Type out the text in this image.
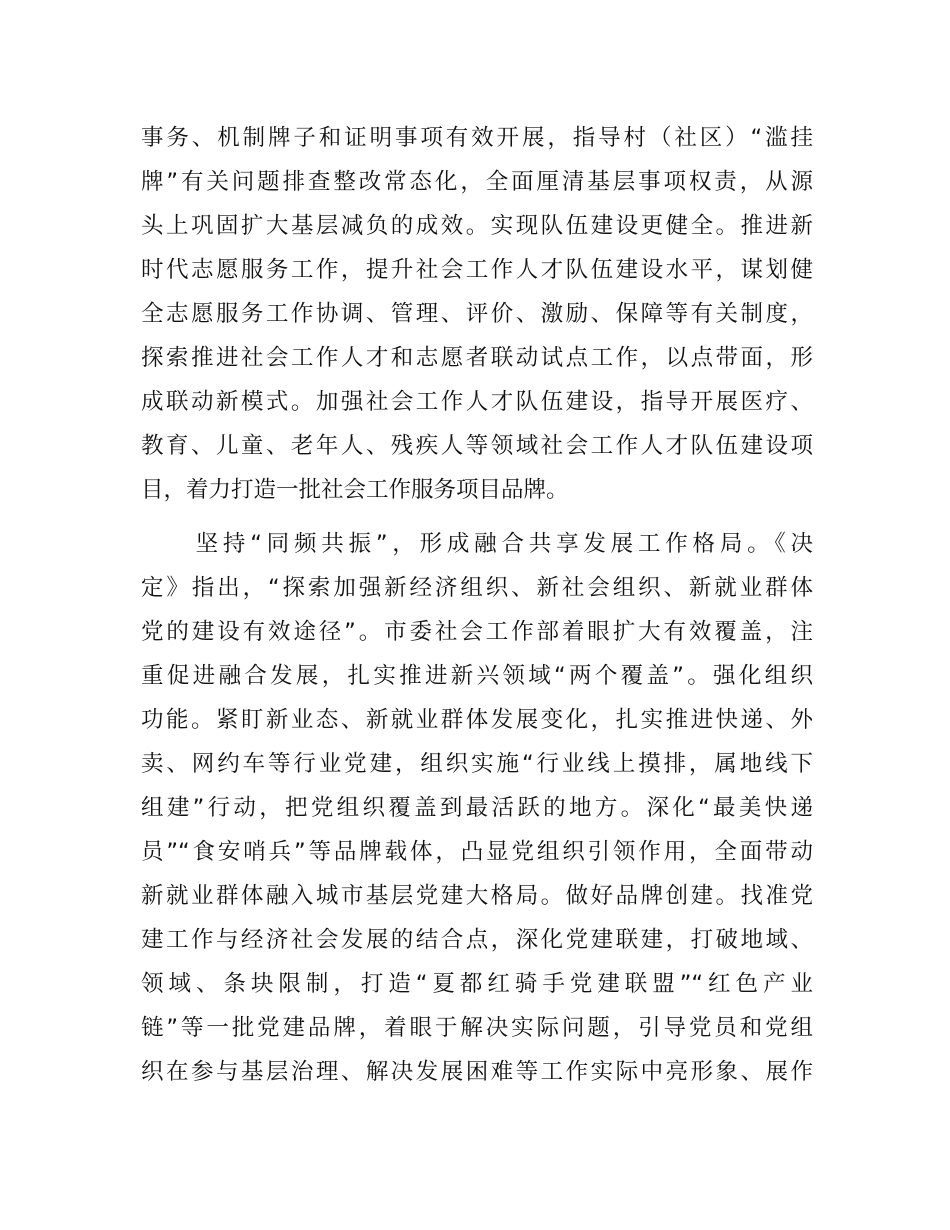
事务、机制牌子和证明事项有效开展，指导村（社区）“滥挂
牌”有关问题排查整改常态化，全面厘清基层事项权责，从源
头上巩固扩大基层减负的成效。实现队伍建设更健全。推进新
时代志愿服务工作，提升社会工作人才队伍建设水平，谋划健
全志愿服务工作协调、管理、评价、激励、保障等有关制度，
探索推进社会工作人才和志愿者联动试点工作，以点带面，形
成联动新模式。加强社会工作人才队伍建设，指导开展医疗、
教育、儿童、老年人、残疾人等领域社会工作人才队伍建设项
目，着力打造一批社会工作服务项目品牌。
　　坚持“同频共振”，形成融合共享发展工作格局。《决
定》指出，“探索加强新经济组织、新社会组织、新就业群体
党的建设有效途径”。市委社会工作部着眼扩大有效覆盖，注
重促进融合发展，扎实推进新兴领域“两个覆盖”。强化组织
功能。紧盯新业态、新就业群体发展变化，扎实推进快递、外
卖、网约车等行业党建，组织实施“行业线上摸排，属地线下
组建”行动，把党组织覆盖到最活跃的地方。深化“最美快递
员”“食安哨兵”等品牌载体，凸显党组织引领作用，全面带动
新就业群体融入城市基层党建大格局。做好品牌创建。找准党
建工作与经济社会发展的结合点，深化党建联建，打破地域、
领域、条块限制，打造“夏都红骑手党建联盟”“红色产业
链”等一批党建品牌，着眼于解决实际问题，引导党员和党组
织在参与基层治理、解决发展困难等工作实际中亮形象、展作
